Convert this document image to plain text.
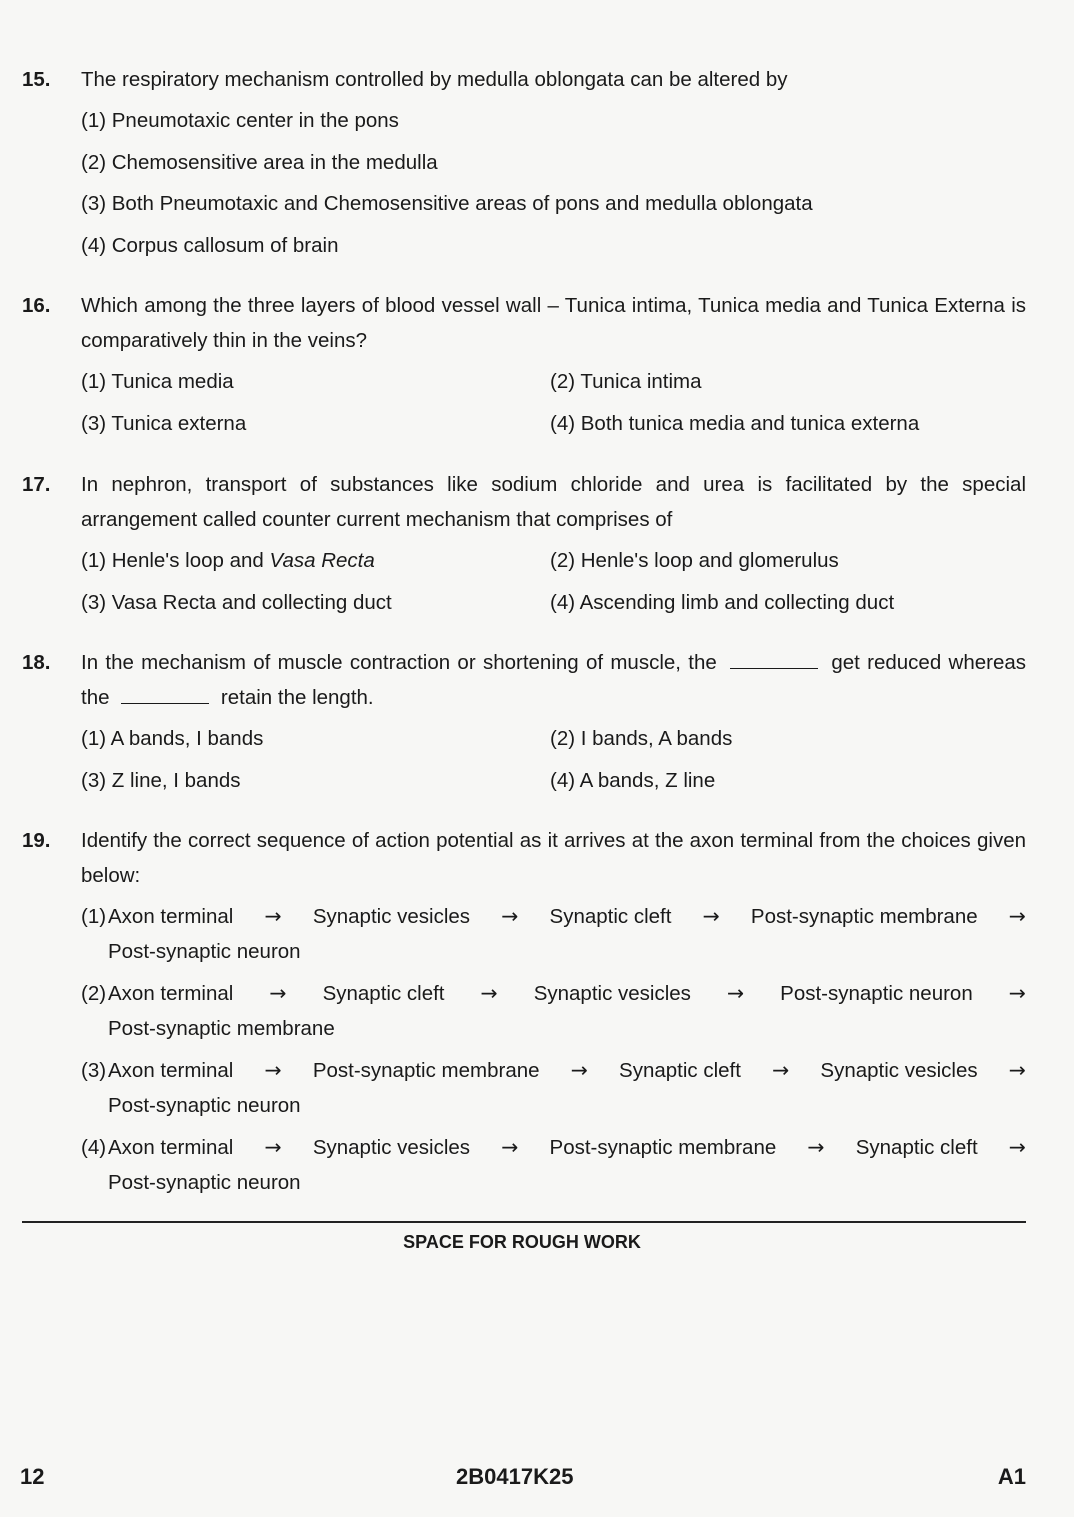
15.	The respiratory mechanism controlled by medulla oblongata can be altered by
(1) Pneumotaxic center in the pons
(2) Chemosensitive area in the medulla
(3) Both Pneumotaxic and Chemosensitive areas of pons and medulla oblongata
(4) Corpus callosum of brain
16.	Which among the three layers of blood vessel wall – Tunica intima, Tunica media and Tunica Externa is comparatively thin in the veins?
(1) Tunica media	(2) Tunica intima
(3) Tunica externa	(4) Both tunica media and tunica externa
17.	In nephron, transport of substances like sodium chloride and urea is facilitated by the special arrangement called counter current mechanism that comprises of
(1) Henle's loop and Vasa Recta	(2) Henle's loop and glomerulus
(3) Vasa Recta and collecting duct	(4) Ascending limb and collecting duct
18.	In the mechanism of muscle contraction or shortening of muscle, the	get reduced whereas the	retain the length.
(1) A bands, I bands	(2) I bands, A bands
(3) Z line, I bands	(4) A bands, Z line
19.	Identify the correct sequence of action potential as it arrives at the axon terminal from the choices given below:
(1) Axon terminal → Synaptic vesicles → Synaptic cleft → Post-synaptic membrane →
Post-synaptic neuron
(2) Axon terminal → Synaptic cleft → Synaptic vesicles → Post-synaptic neuron →
Post-synaptic membrane
(3) Axon terminal → Post-synaptic membrane → Synaptic cleft → Synaptic vesicles →
Post-synaptic neuron
(4) Axon terminal → Synaptic vesicles → Post-synaptic membrane → Synaptic cleft →
Post-synaptic neuron
SPACE FOR ROUGH WORK
12	2B0417K25	A1
